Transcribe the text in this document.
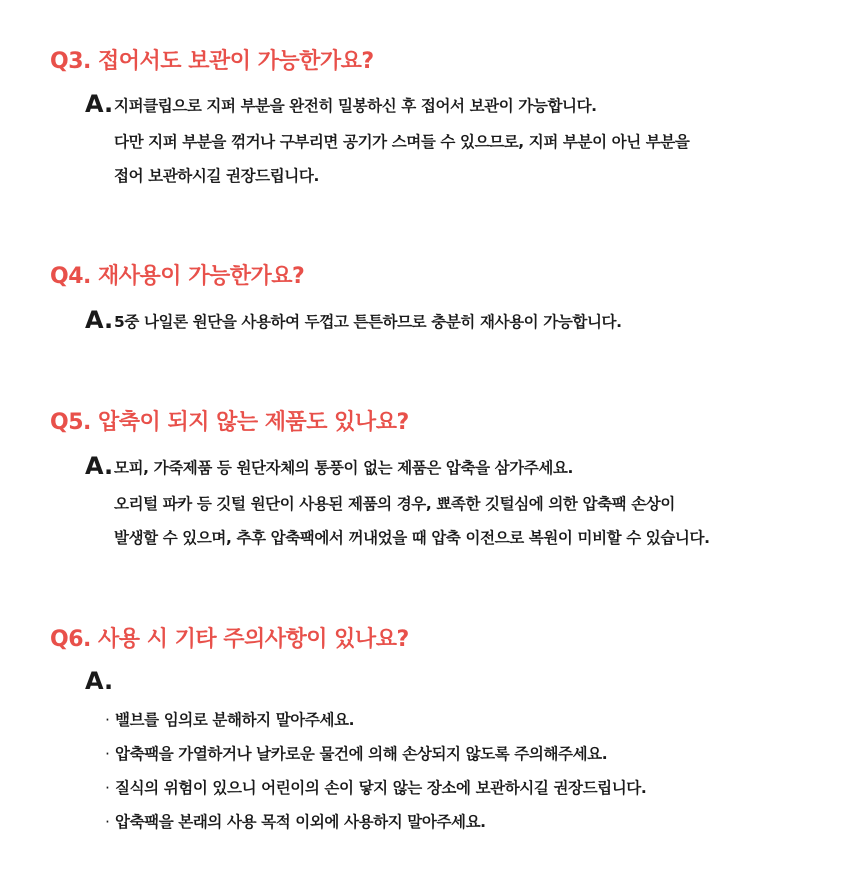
Q3. 접어서도 보관이 가능한가요?
A. 지퍼클립으로 지퍼 부분을 완전히 밀봉하신 후 접어서 보관이 가능합니다.
다만 지퍼 부분을 꺾거나 구부리면 공기가 스며들 수 있으므로, 지퍼 부분이 아닌 부분을
접어 보관하시길 권장드립니다.
Q4. 재사용이 가능한가요?
A. 5중 나일론 원단을 사용하여 두껍고 튼튼하므로 충분히 재사용이 가능합니다.
Q5. 압축이 되지 않는 제품도 있나요?
A. 모피, 가죽제품 등 원단자체의 통풍이 없는 제품은 압축을 삼가주세요.
오리털 파카 등 깃털 원단이 사용된 제품의 경우, 뾰족한 깃털심에 의한 압축팩 손상이
발생할 수 있으며, 추후 압축팩에서 꺼내었을 때 압축 이전으로 복원이 미비할 수 있습니다.
Q6. 사용 시 기타 주의사항이 있나요?
A.
· 밸브를 임의로 분해하지 말아주세요.
· 압축팩을 가열하거나 날카로운 물건에 의해 손상되지 않도록 주의해주세요.
· 질식의 위험이 있으니 어린이의 손이 닿지 않는 장소에 보관하시길 권장드립니다.
· 압축팩을 본래의 사용 목적 이외에 사용하지 말아주세요.
